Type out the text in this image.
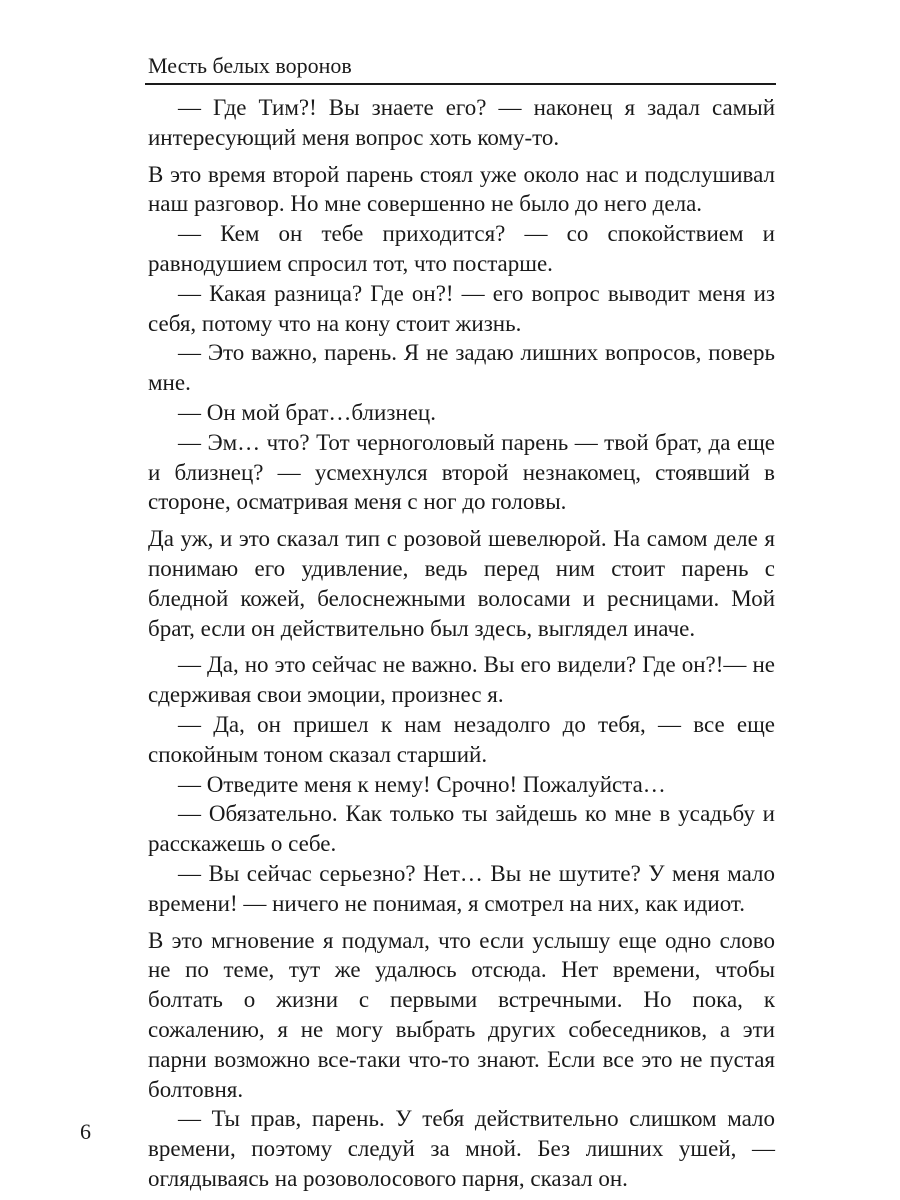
Месть белых воронов

— Где Тим?! Вы знаете его? — наконец я задал самый интересующий меня вопрос хоть кому-то.

В это время второй парень стоял уже около нас и подслушивал наш разговор. Но мне совершенно не было до него дела.

— Кем он тебе приходится? — со спокойствием и равнодушием спросил тот, что постарше.

— Какая разница? Где он?! — его вопрос выводит меня из себя, потому что на кону стоит жизнь.

— Это важно, парень. Я не задаю лишних вопросов, поверь мне.

— Он мой брат…близнец.

— Эм… что? Тот черноголовый парень — твой брат, да еще и близнец? — усмехнулся второй незнакомец, стоявший в стороне, осматривая меня с ног до головы.

Да уж, и это сказал тип с розовой шевелюрой. На самом деле я понимаю его удивление, ведь перед ним стоит парень с бледной кожей, белоснежными волосами и ресницами. Мой брат, если он действительно был здесь, выглядел иначе.

— Да, но это сейчас не важно. Вы его видели? Где он?!— не сдерживая свои эмоции, произнес я.

— Да, он пришел к нам незадолго до тебя, — все еще спокойным тоном сказал старший.

— Отведите меня к нему! Срочно! Пожалуйста…

— Обязательно. Как только ты зайдешь ко мне в усадьбу и расскажешь о себе.

— Вы сейчас серьезно? Нет… Вы не шутите? У меня мало времени! — ничего не понимая, я смотрел на них, как идиот.

В это мгновение я подумал, что если услышу еще одно слово не по теме, тут же удалюсь отсюда. Нет времени, чтобы болтать о жизни с первыми встречными. Но пока, к сожалению, я не могу выбрать других собеседников, а эти парни возможно все-таки что-то знают. Если все это не пустая болтовня.

— Ты прав, парень. У тебя действительно слишком мало времени, поэтому следуй за мной. Без лишних ушей, — оглядываясь на розоволосового парня, сказал он.

6
